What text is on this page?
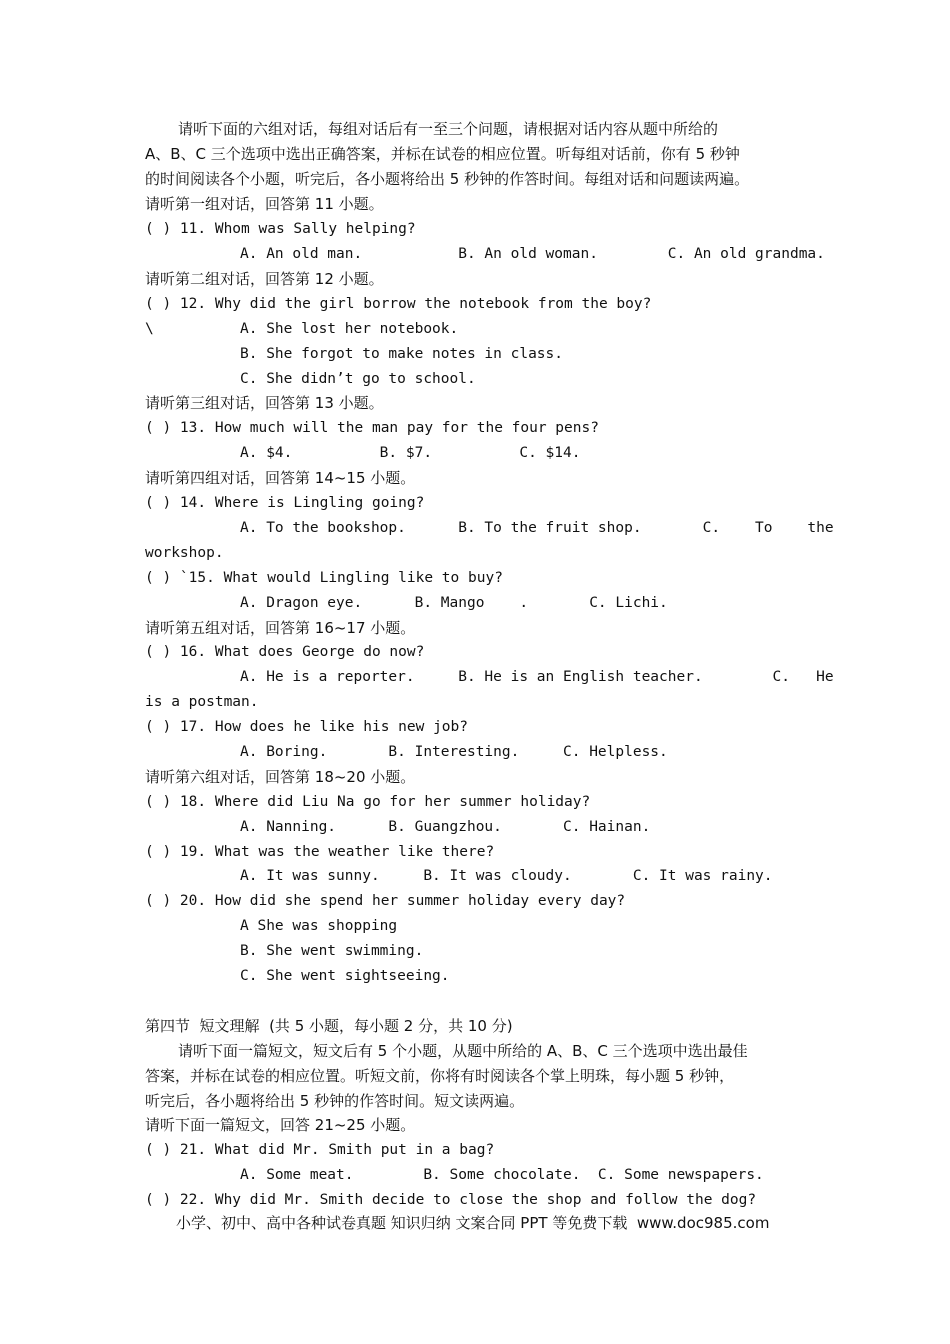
请听下面的六组对话，每组对话后有一至三个问题，请根据对话内容从题中所给的
A、B、C 三个选项中选出正确答案，并标在试卷的相应位置。听每组对话前，你有 5 秒钟
的时间阅读各个小题，听完后，各小题将给出 5 秒钟的作答时间。每组对话和问题读两遍。
请听第一组对话，回答第 11 小题。
( ) 11. Whom was Sally helping?
A. An old man.           B. An old woman.        C. An old grandma.
请听第二组对话，回答第 12 小题。
( ) 12. Why did the girl borrow the notebook from the boy?
\	A. She lost her notebook.
B. She forgot to make notes in class.
C. She didn’t go to school.
请听第三组对话，回答第 13 小题。
( ) 13. How much will the man pay for the four pens?
A. $4.          B. $7.          C. $14.
请听第四组对话，回答第 14~15 小题。
( ) 14. Where is Lingling going?
A. To the bookshop.      B. To the fruit shop.       C.    To    the
workshop.
( ) `15. What would Lingling like to buy?
A. Dragon eye.      B. Mango    .       C. Lichi.
请听第五组对话，回答第 16~17 小题。
( ) 16. What does George do now?
A. He is a reporter.     B. He is an English teacher.        C.   He
is a postman.
( ) 17. How does he like his new job?
A. Boring.       B. Interesting.     C. Helpless.
请听第六组对话，回答第 18~20 小题。
( ) 18. Where did Liu Na go for her summer holiday?
A. Nanning.      B. Guangzhou.       C. Hainan.
( ) 19. What was the weather like there?
A. It was sunny.     B. It was cloudy.       C. It was rainy.
( ) 20. How did she spend her summer holiday every day?
A She was shopping
B. She went swimming.
C. She went sightseeing.
第四节  短文理解  (共 5 小题，每小题 2 分，共 10 分)
请听下面一篇短文，短文后有 5 个小题，从题中所给的 A、B、C 三个选项中选出最佳
答案，并标在试卷的相应位置。听短文前，你将有时阅读各个掌上明珠，每小题 5 秒钟，
听完后，各小题将给出 5 秒钟的作答时间。短文读两遍。
请听下面一篇短文，回答 21~25 小题。
( ) 21. What did Mr. Smith put in a bag?
A. Some meat.        B. Some chocolate.  C. Some newspapers.
( ) 22. Why did Mr. Smith decide to close the shop and follow the dog?
小学、初中、高中各种试卷真题 知识归纳 文案合同 PPT 等免费下载  www.doc985.com
